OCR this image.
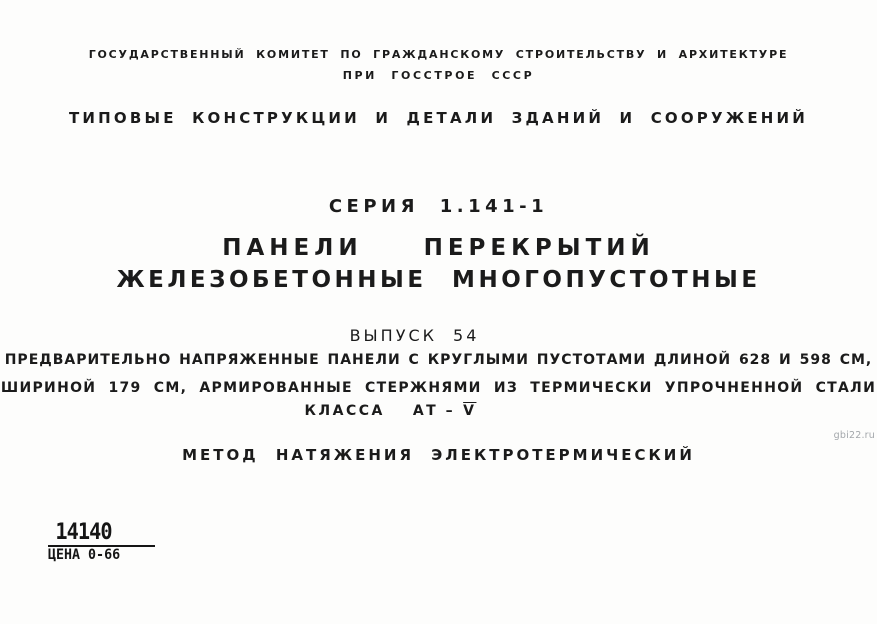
ГОСУДАРСТВЕННЫЙ КОМИТЕТ ПО ГРАЖДАНСКОМУ СТРОИТЕЛЬСТВУ И АРХИТЕКТУРЕ
ПРИ ГОССТРОЕ СССР
ТИПОВЫЕ КОНСТРУКЦИИ И ДЕТАЛИ ЗДАНИЙ И СООРУЖЕНИЙ
СЕРИЯ 1.141-1
ПАНЕЛИ ПЕРЕКРЫТИЙ
ЖЕЛЕЗОБЕТОННЫЕ МНОГОПУСТОТНЫЕ
ВЫПУСК 54
ПРЕДВАРИТЕЛЬНО НАПРЯЖЕННЫЕ ПАНЕЛИ С КРУГЛЫМИ ПУСТОТАМИ ДЛИНОЙ 628 И 598 СМ,
ШИРИНОЙ 179 СМ, АРМИРОВАННЫЕ СТЕРЖНЯМИ ИЗ ТЕРМИЧЕСКИ УПРОЧНЕННОЙ СТАЛИ
КЛАССА АТ – $\overline{V}$
gbi22.ru
МЕТОД НАТЯЖЕНИЯ ЭЛЕКТРОТЕРМИЧЕСКИЙ
14140
ЦЕНА 0-66
